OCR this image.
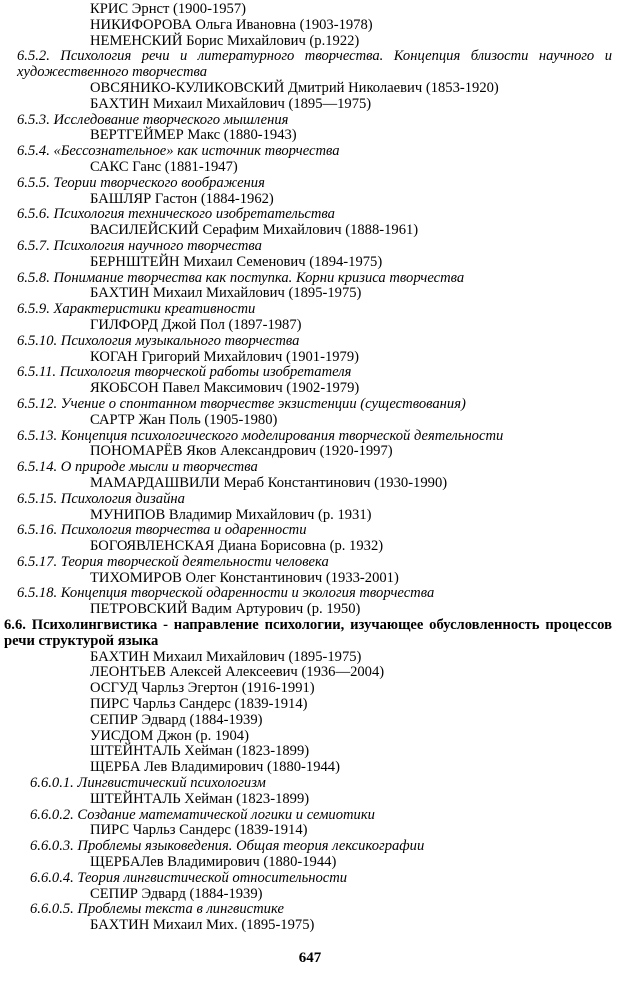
КРИС Эрнст (1900-1957)
НИКИФОРОВА Ольга Ивановна (1903-1978)
НЕМЕНСКИЙ Борис Михайлович (р.1922)
6.5.2. Психология речи и литературного творчества. Концепция близости научного и художественного творчества
ОВСЯНИКО-КУЛИКОВСКИЙ Дмитрий Николаевич (1853-1920)
БАХТИН Михаил Михайлович (1895—1975)
6.5.3. Исследование творческого мышления
ВЕРТГЕЙМЕР Макс (1880-1943)
6.5.4. «Бессознательное» как источник творчества
САКС Ганс (1881-1947)
6.5.5. Теории творческого воображения
БАШЛЯР Гастон (1884-1962)
6.5.6. Психология технического изобретательства
ВАСИЛЕЙСКИЙ Серафим Михайлович (1888-1961)
6.5.7. Психология научного творчества
БЕРНШТЕЙН Михаил Семенович (1894-1975)
6.5.8. Понимание творчества как поступка. Корни кризиса творчества
БАХТИН Михаил Михайлович (1895-1975)
6.5.9. Характеристики креативности
ГИЛФОРД Джой Пол (1897-1987)
6.5.10. Психология музыкального творчества
КОГАН Григорий Михайлович (1901-1979)
6.5.11. Психология творческой работы изобретателя
ЯКОБСОН Павел Максимович (1902-1979)
6.5.12. Учение о спонтанном творчестве экзистенции (существования)
САРТР Жан Поль (1905-1980)
6.5.13. Концепция психологического моделирования творческой деятельности
ПОНОМАРЁВ Яков Александрович (1920-1997)
6.5.14. О природе мысли и творчества
МАМАРДАШВИЛИ Мераб Константинович (1930-1990)
6.5.15. Психология дизайна
МУНИПОВ Владимир Михайлович (р. 1931)
6.5.16. Психология творчества и одаренности
БОГОЯВЛЕНСКАЯ Диана Борисовна (р. 1932)
6.5.17. Теория творческой деятельности человека
ТИХОМИРОВ Олег Константинович (1933-2001)
6.5.18. Концепция творческой одаренности и экология творчества
ПЕТРОВСКИЙ Вадим Артурович (р. 1950)
6.6. Психолингвистика - направление психологии, изучающее обусловленность процессов речи структурой языка
БАХТИН Михаил Михайлович (1895-1975)
ЛЕОНТЬЕВ Алексей Алексеевич (1936—2004)
ОСГУД Чарльз Эгертон (1916-1991)
ПИРС Чарльз Сандерс (1839-1914)
СЕПИР Эдвард (1884-1939)
УИСДОМ Джон (р. 1904)
ШТЕЙНТАЛЬ Хейман (1823-1899)
ЩЕРБА Лев Владимирович (1880-1944)
6.6.0.1. Лингвистический психологизм
ШТЕЙНТАЛЬ Хейман (1823-1899)
6.6.0.2. Создание математической логики и семиотики
ПИРС Чарльз Сандерс (1839-1914)
6.6.0.3. Проблемы языковедения. Общая теория лексикографии
ЩЕРБАЛев Владимирович (1880-1944)
6.6.0.4. Теория лингвистической относительности
СЕПИР Эдвард (1884-1939)
6.6.0.5. Проблемы текста в лингвистике
БАХТИН Михаил Мих. (1895-1975)
647
